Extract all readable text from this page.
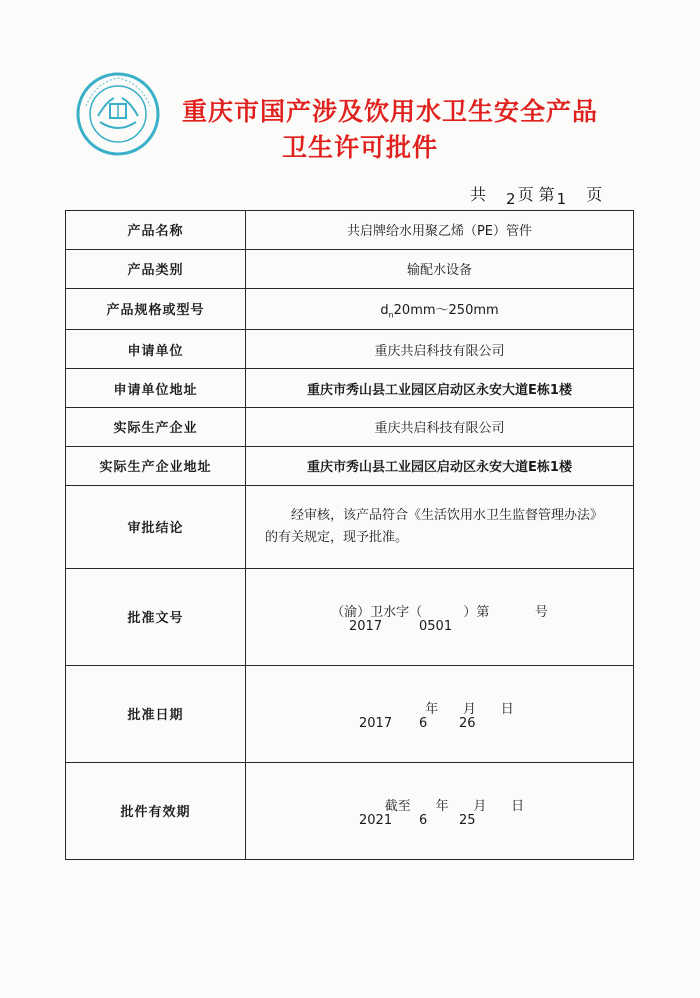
重庆市国产涉及饮用水卫生安全产品
卫生许可批件
共 2 页 第 1 页
产品名称	共启牌给水用聚乙烯（PE）管件
产品类别	输配水设备
产品规格或型号	$d_n20mm\sim 250mm$
申请单位	重庆共启科技有限公司
申请单位地址	重庆市秀山县工业园区启动区永安大道E栋1楼
实际生产企业	重庆共启科技有限公司
实际生产企业地址	重庆市秀山县工业园区启动区永安大道E栋1楼
审批结论	经审核，该产品符合《生活饮用水卫生监督管理办法》
的有关规定，现予批准。

批准文号	（渝）卫水字（          ）第           号
2017 0501

批准日期	年      月      日
2017 6 26

批件有效期	截至      年      月      日
2021 6 25
